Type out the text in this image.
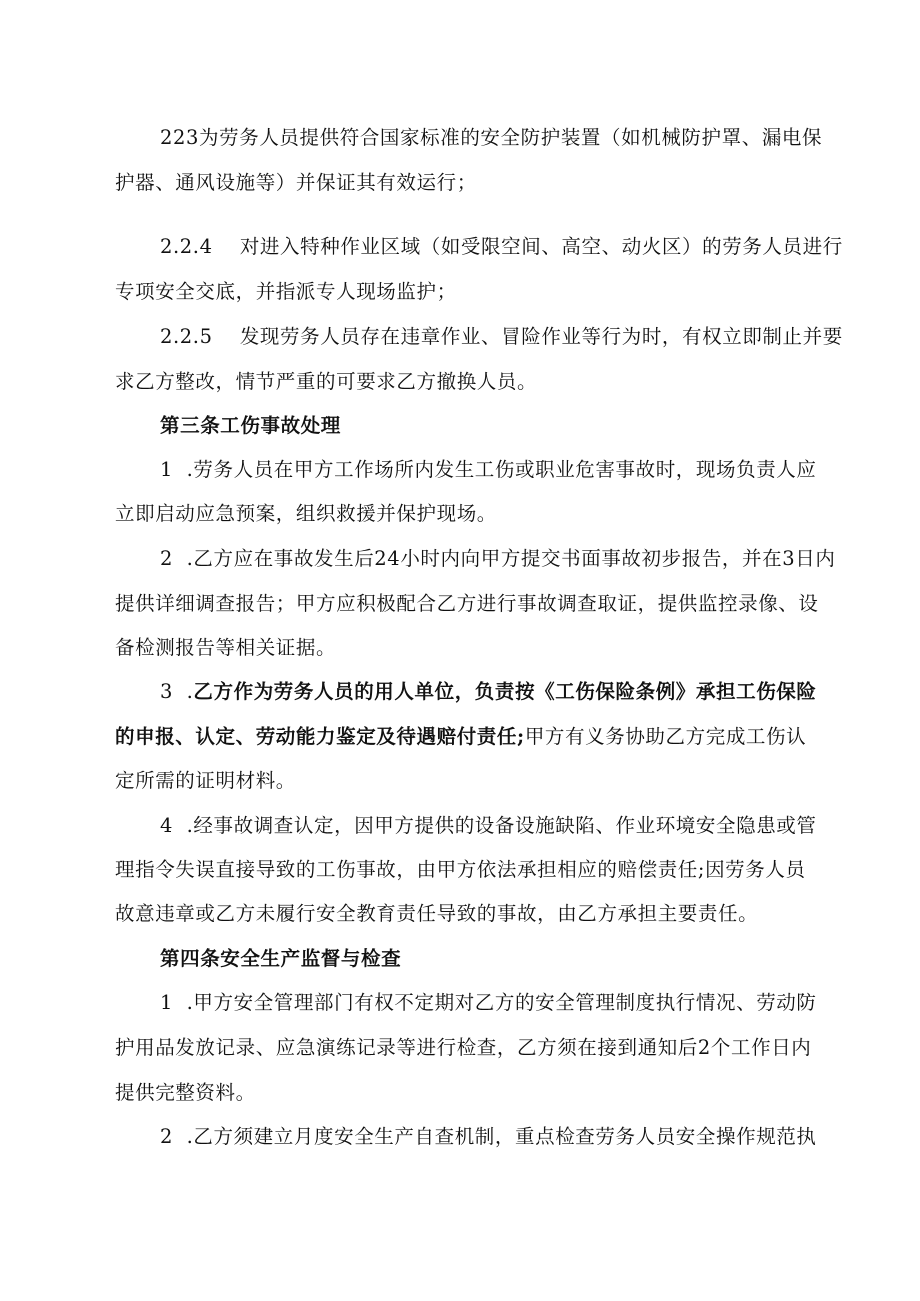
223为劳务人员提供符合国家标准的安全防护装置（如机械防护罩、漏电保
护器、通风设施等）并保证其有效运行；
2.2.4 对进入特种作业区域（如受限空间、高空、动火区）的劳务人员进行
专项安全交底，并指派专人现场监护；
2.2.5 发现劳务人员存在违章作业、冒险作业等行为时，有权立即制止并要
求乙方整改，情节严重的可要求乙方撤换人员。
第三条工伤事故处理
1  .劳务人员在甲方工作场所内发生工伤或职业危害事故时，现场负责人应
立即启动应急预案，组织救援并保护现场。
2  .乙方应在事故发生后24小时内向甲方提交书面事故初步报告，并在3日内
提供详细调查报告；甲方应积极配合乙方进行事故调查取证，提供监控录像、设
备检测报告等相关证据。
3  .乙方作为劳务人员的用人单位，负责按《工伤保险条例》承担工伤保险
的申报、认定、劳动能力鉴定及待遇赔付责任;甲方有义务协助乙方完成工伤认
定所需的证明材料。
4  .经事故调查认定，因甲方提供的设备设施缺陷、作业环境安全隐患或管
理指令失误直接导致的工伤事故，由甲方依法承担相应的赔偿责任;因劳务人员
故意违章或乙方未履行安全教育责任导致的事故，由乙方承担主要责任。
第四条安全生产监督与检查
1  .甲方安全管理部门有权不定期对乙方的安全管理制度执行情况、劳动防
护用品发放记录、应急演练记录等进行检查，乙方须在接到通知后2个工作日内
提供完整资料。
2  .乙方须建立月度安全生产自查机制，重点检查劳务人员安全操作规范执
